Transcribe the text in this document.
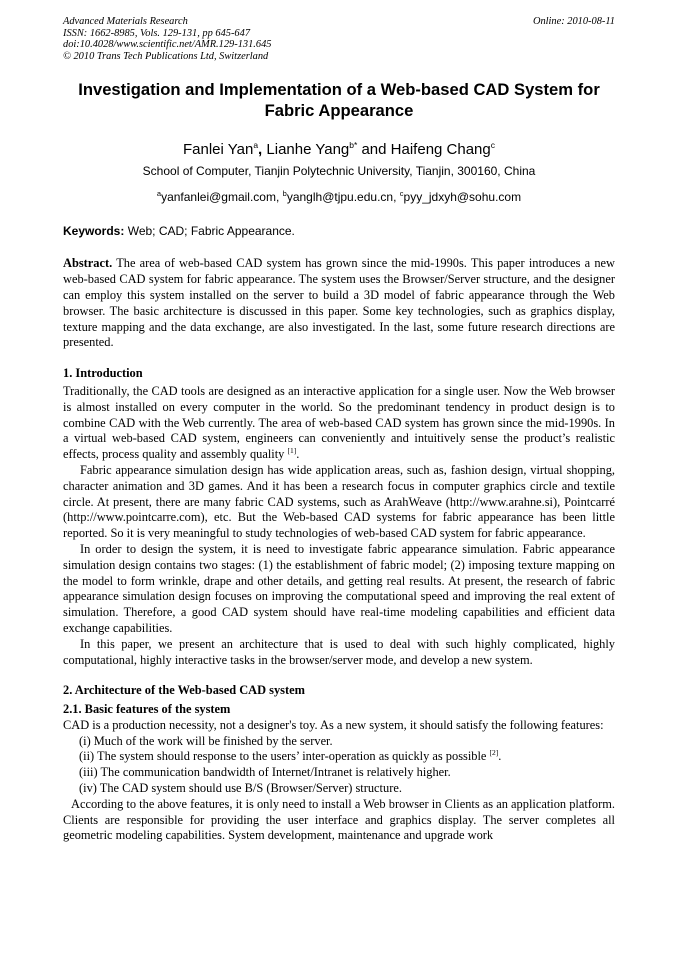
Advanced Materials Research
ISSN: 1662-8985, Vols. 129-131, pp 645-647
doi:10.4028/www.scientific.net/AMR.129-131.645
© 2010 Trans Tech Publications Ltd, Switzerland
Online: 2010-08-11
Investigation and Implementation of a Web-based CAD System for Fabric Appearance
Fanlei Yan$^a$, Lianhe Yang$^{b*}$ and Haifeng Chang$^c$
School of Computer, Tianjin Polytechnic University, Tianjin, 300160, China
$^a$yanfanlei@gmail.com, $^b$yanglh@tjpu.edu.cn, $^c$pyy_jdxyh@sohu.com
Keywords: Web; CAD; Fabric Appearance.

Abstract. The area of web-based CAD system has grown since the mid-1990s. This paper introduces a new web-based CAD system for fabric appearance. The system uses the Browser/Server structure, and the designer can employ this system installed on the server to build a 3D model of fabric appearance through the Web browser. The basic architecture is discussed in this paper. Some key technologies, such as graphics display, texture mapping and the data exchange, are also investigated. In the last, some future research directions are presented.

1. Introduction

Traditionally, the CAD tools are designed as an interactive application for a single user. Now the Web browser is almost installed on every computer in the world. So the predominant tendency in product design is to combine CAD with the Web currently. The area of web-based CAD system has grown since the mid-1990s. In a virtual web-based CAD system, engineers can conveniently and intuitively sense the product’s realistic effects, process quality and assembly quality [1].

Fabric appearance simulation design has wide application areas, such as, fashion design, virtual shopping, character animation and 3D games. And it has been a research focus in computer graphics circle and textile circle. At present, there are many fabric CAD systems, such as ArahWeave (http://www.arahne.si), Pointcarré (http://www.pointcarre.com), etc. But the Web-based CAD systems for fabric appearance has been little reported. So it is very meaningful to study technologies of web-based CAD system for fabric appearance.

In order to design the system, it is need to investigate fabric appearance simulation. Fabric appearance simulation design contains two stages: (1) the establishment of fabric model; (2) imposing texture mapping on the model to form wrinkle, drape and other details, and getting real results. At present, the research of fabric appearance simulation design focuses on improving the computational speed and improving the real extent of simulation. Therefore, a good CAD system should have real-time modeling capabilities and efficient data exchange capabilities.

In this paper, we present an architecture that is used to deal with such highly complicated, highly computational, highly interactive tasks in the browser/server mode, and develop a new system.

2. Architecture of the Web-based CAD system
2.1. Basic features of the system

CAD is a production necessity, not a designer's toy. As a new system, it should satisfy the following features:

(i) Much of the work will be finished by the server.

(ii) The system should response to the users’ inter-operation as quickly as possible [2].

(iii) The communication bandwidth of Internet/Intranet is relatively higher.

(iv) The CAD system should use B/S (Browser/Server) structure.

According to the above features, it is only need to install a Web browser in Clients as an application platform. Clients are responsible for providing the user interface and graphics display. The server completes all geometric modeling capabilities. System development, maintenance and upgrade work
